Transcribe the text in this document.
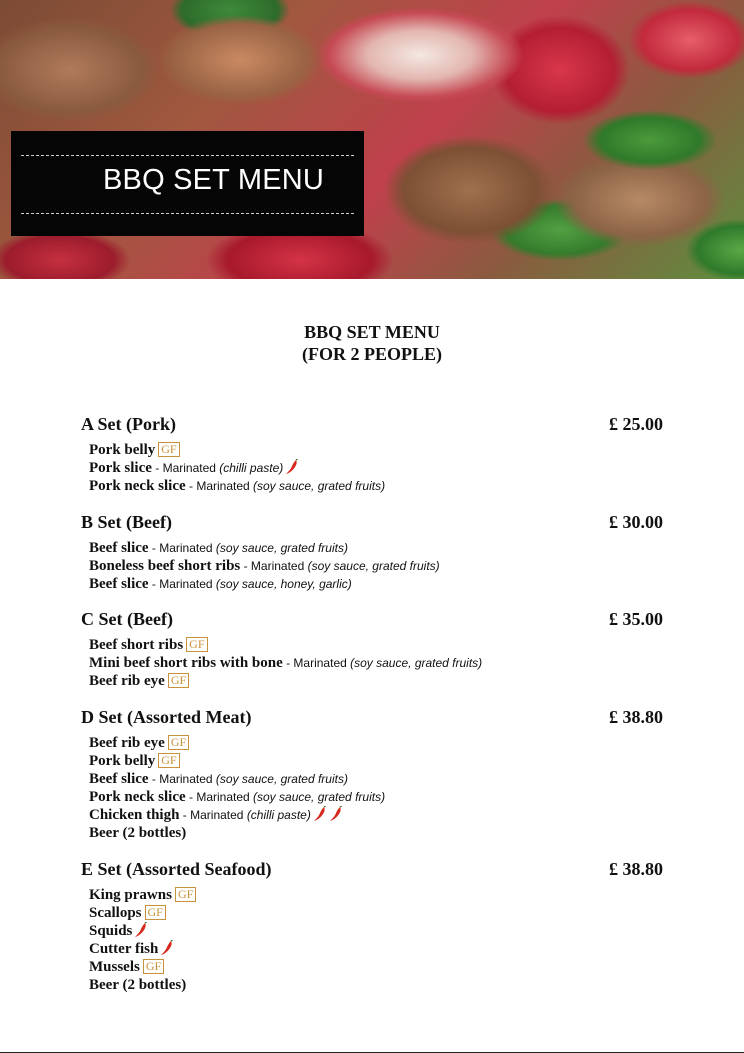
BBQ SET MENU
BBQ SET MENU
(FOR 2 PEOPLE)
A Set (Pork)	£ 25.00
Pork belly GF
Pork slice - Marinated (chilli paste)
Pork neck slice - Marinated (soy sauce, grated fruits)
B Set (Beef)	£ 30.00
Beef slice - Marinated (soy sauce, grated fruits)
Boneless beef short ribs - Marinated (soy sauce, grated fruits)
Beef slice - Marinated (soy sauce, honey, garlic)
C Set (Beef)	£ 35.00
Beef short ribs GF
Mini beef short ribs with bone - Marinated (soy sauce, grated fruits)
Beef rib eye GF
D Set (Assorted Meat)	£ 38.80
Beef rib eye GF
Pork belly GF
Beef slice - Marinated (soy sauce, grated fruits)
Pork neck slice - Marinated (soy sauce, grated fruits)
Chicken thigh - Marinated (chilli paste)
Beer (2 bottles)
E Set (Assorted Seafood)	£ 38.80
King prawns GF
Scallops GF
Squids
Cutter fish
Mussels GF
Beer (2 bottles)
